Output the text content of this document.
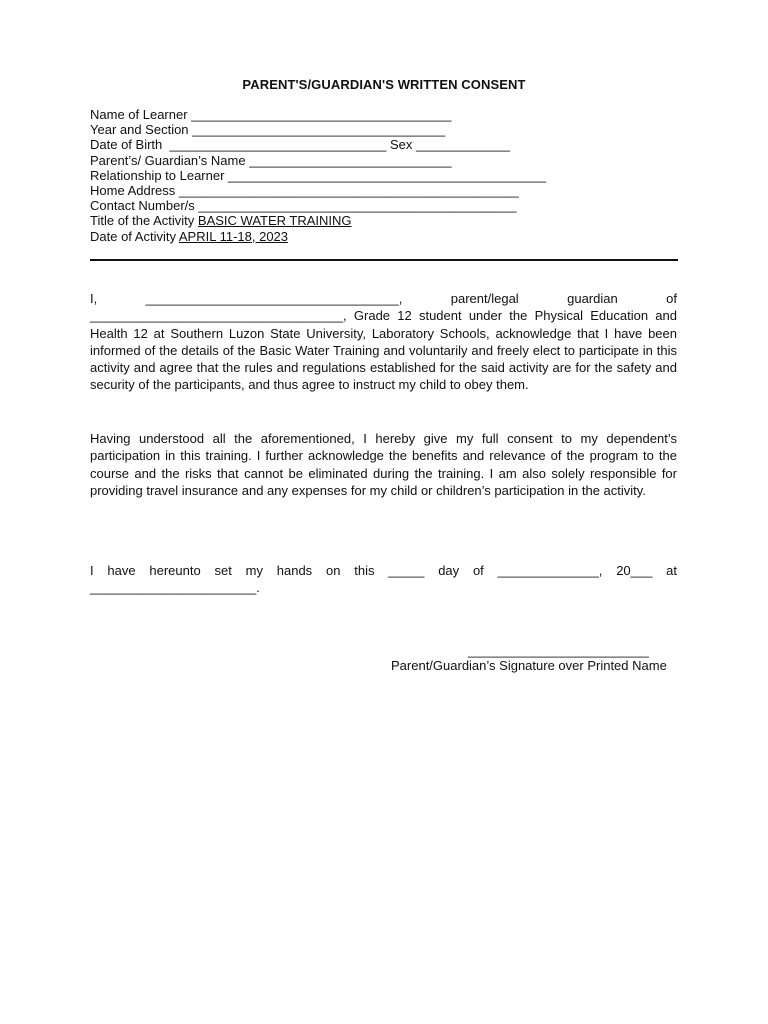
PARENT'S/GUARDIAN'S WRITTEN CONSENT
Name of Learner ____________________________________
Year and Section ___________________________________
Date of Birth  ______________________________ Sex _____________
Parent’s/ Guardian’s Name ____________________________
Relationship to Learner ____________________________________________
Home Address _______________________________________________
Contact Number/s ____________________________________________
Title of the Activity BASIC WATER TRAINING
Date of Activity APRIL 11-18, 2023
I, ___________________________________, parent/legal guardian of
___________________________________, Grade 12 student under the Physical Education and Health 12 at Southern Luzon State University, Laboratory Schools, acknowledge that I have been informed of the details of the Basic Water Training and voluntarily and freely elect to participate in this activity and agree that the rules and regulations established for the said activity are for the safety and security of the participants, and thus agree to instruct my child to obey them.

Having understood all the aforementioned, I hereby give my full consent to my dependent’s participation in this training. I further acknowledge the benefits and relevance of the program to the course and the risks that cannot be eliminated during the training. I am also solely responsible for providing travel insurance and any expenses for my child or children’s participation in the activity.

I have hereunto set my hands on this _____ day of ______________, 20___ at _______________________.

_________________________

Parent/Guardian’s Signature over Printed Name
